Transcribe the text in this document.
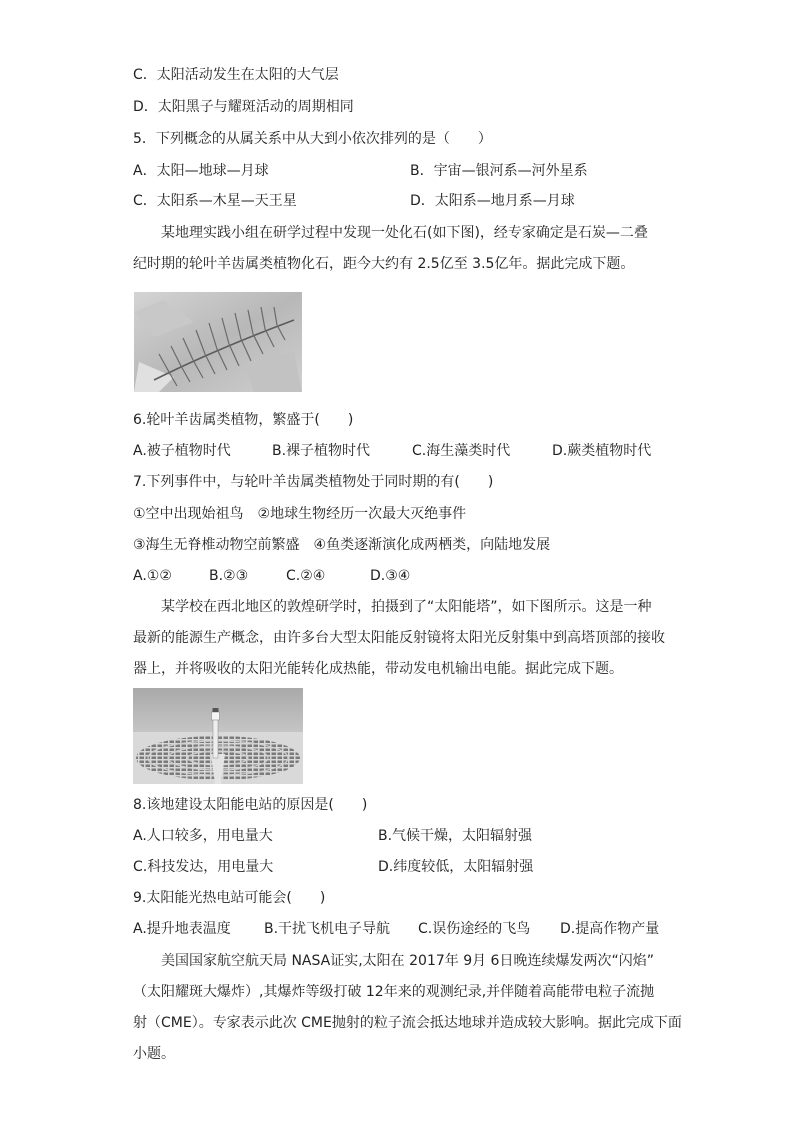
C．太阳活动发生在太阳的大气层
D．太阳黑子与耀斑活动的周期相同
5．下列概念的从属关系中从大到小依次排列的是（　　）
A．太阳—地球—月球	B．宇宙—银河系—河外星系
C．太阳系—木星—天王星	D．太阳系—地月系—月球
某地理实践小组在研学过程中发现一处化石(如下图)，经专家确定是石炭—二叠
纪时期的轮叶羊齿属类植物化石，距今大约有 2.5亿至 3.5亿年。据此完成下题。
6.轮叶羊齿属类植物，繁盛于(　　)
A.被子植物时代	B.裸子植物时代	C.海生藻类时代	D.蕨类植物时代
7.下列事件中，与轮叶羊齿属类植物处于同时期的有(　　)
①空中出现始祖鸟　②地球生物经历一次最大灭绝事件
③海生无脊椎动物空前繁盛　④鱼类逐渐演化成两栖类，向陆地发展
A.①②	B.②③	C.②④	D.③④
某学校在西北地区的敦煌研学时，拍摄到了“太阳能塔”，如下图所示。这是一种
最新的能源生产概念，由许多台大型太阳能反射镜将太阳光反射集中到高塔顶部的接收
器上，并将吸收的太阳光能转化成热能，带动发电机输出电能。据此完成下题。
8.该地建设太阳能电站的原因是(　　)
A.人口较多，用电量大	B.气候干燥，太阳辐射强
C.科技发达，用电量大	D.纬度较低，太阳辐射强
9.太阳能光热电站可能会(　　)
A.提升地表温度 B.干扰飞机电子导航 C.误伤途经的飞鸟 D.提高作物产量
美国国家航空航天局 NASA证实,太阳在 2017年 9月 6日晚连续爆发两次“闪焰”
（太阳耀斑大爆炸）,其爆炸等级打破 12年来的观测纪录,并伴随着高能带电粒子流抛
射（CME）。专家表示此次 CME抛射的粒子流会抵达地球并造成较大影响。据此完成下面
小题。
